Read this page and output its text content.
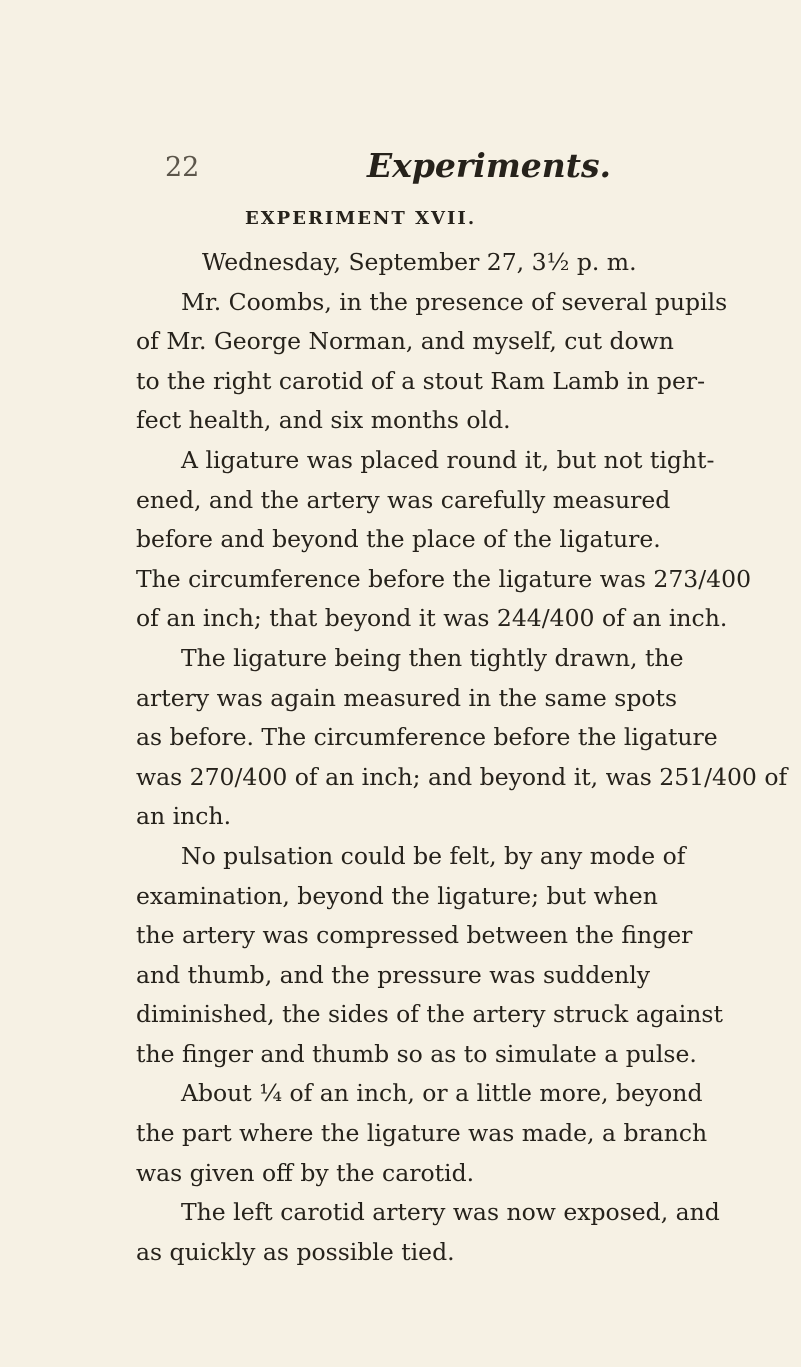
22	Experiments.
EXPERIMENT XVII.
Wednesday, September 27, 3½ p. m.
Mr. Coombs, in the presence of several pupils
of Mr. George Norman, and myself, cut down
to the right carotid of a stout Ram Lamb in per-
fect health, and six months old.
A ligature was placed round it, but not tight-
ened, and the artery was carefully measured
before and beyond the place of the ligature.
The circumference before the ligature was 273/400
of an inch; that beyond it was 244/400 of an inch.
The ligature being then tightly drawn, the
artery was again measured in the same spots
as before. The circumference before the ligature
was 270/400 of an inch; and beyond it, was 251/400 of
an inch.
No pulsation could be felt, by any mode of
examination, beyond the ligature; but when
the artery was compressed between the finger
and thumb, and the pressure was suddenly
diminished, the sides of the artery struck against
the finger and thumb so as to simulate a pulse.
About ¼ of an inch, or a little more, beyond
the part where the ligature was made, a branch
was given off by the carotid.
The left carotid artery was now exposed, and
as quickly as possible tied.
